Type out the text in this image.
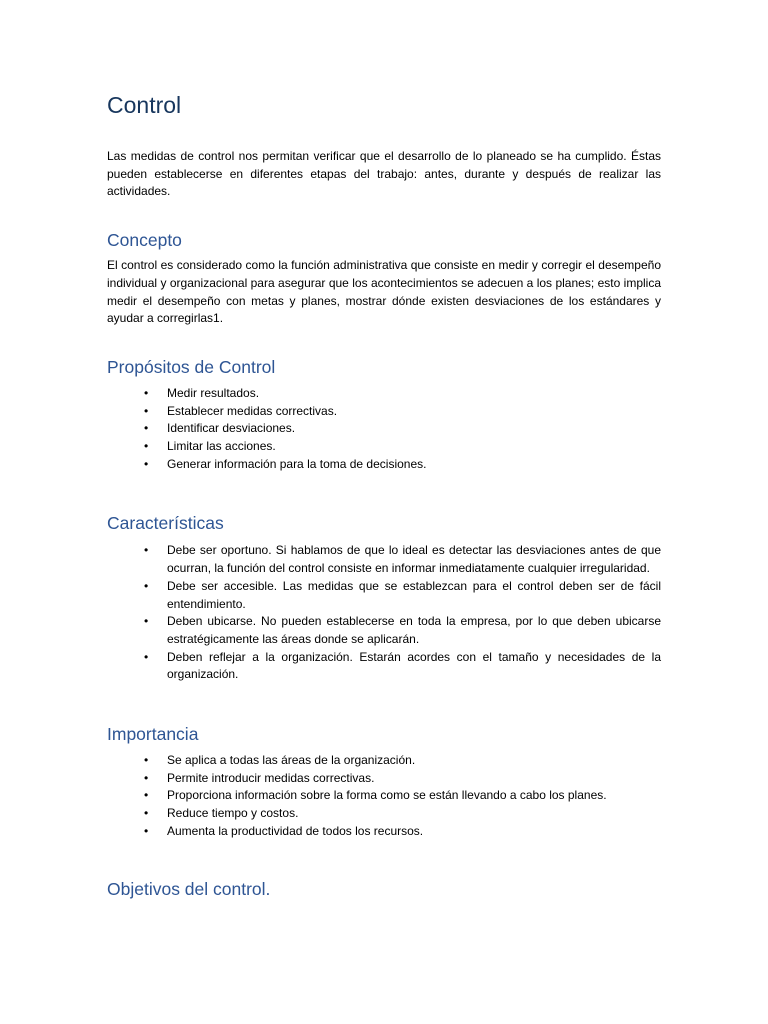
Control

Las medidas de control nos permitan verificar que el desarrollo de lo planeado se ha cumplido. Éstas pueden establecerse en diferentes etapas del trabajo: antes, durante y después de realizar las actividades.

Concepto

El control es considerado como la función administrativa que consiste en medir y corregir el desempeño individual y organizacional para asegurar que los acontecimientos se adecuen a los planes; esto implica medir el desempeño con metas y planes, mostrar dónde existen desviaciones de los estándares y ayudar a corregirlas1.

Propósitos de Control
• Medir resultados.
• Establecer medidas correctivas.
• Identificar desviaciones.
• Limitar las acciones.
• Generar información para la toma de decisiones.
Características
• Debe ser oportuno. Si hablamos de que lo ideal es detectar las desviaciones antes de que ocurran, la función del control consiste en informar inmediatamente cualquier irregularidad.
• Debe ser accesible. Las medidas que se establezcan para el control deben ser de fácil entendimiento.
• Deben ubicarse. No pueden establecerse en toda la empresa, por lo que deben ubicarse estratégicamente las áreas donde se aplicarán.
• Deben reflejar a la organización. Estarán acordes con el tamaño y necesidades de la organización.
Importancia
• Se aplica a todas las áreas de la organización.
• Permite introducir medidas correctivas.
• Proporciona información sobre la forma como se están llevando a cabo los planes.
• Reduce tiempo y costos.
• Aumenta la productividad de todos los recursos.
Objetivos del control.
